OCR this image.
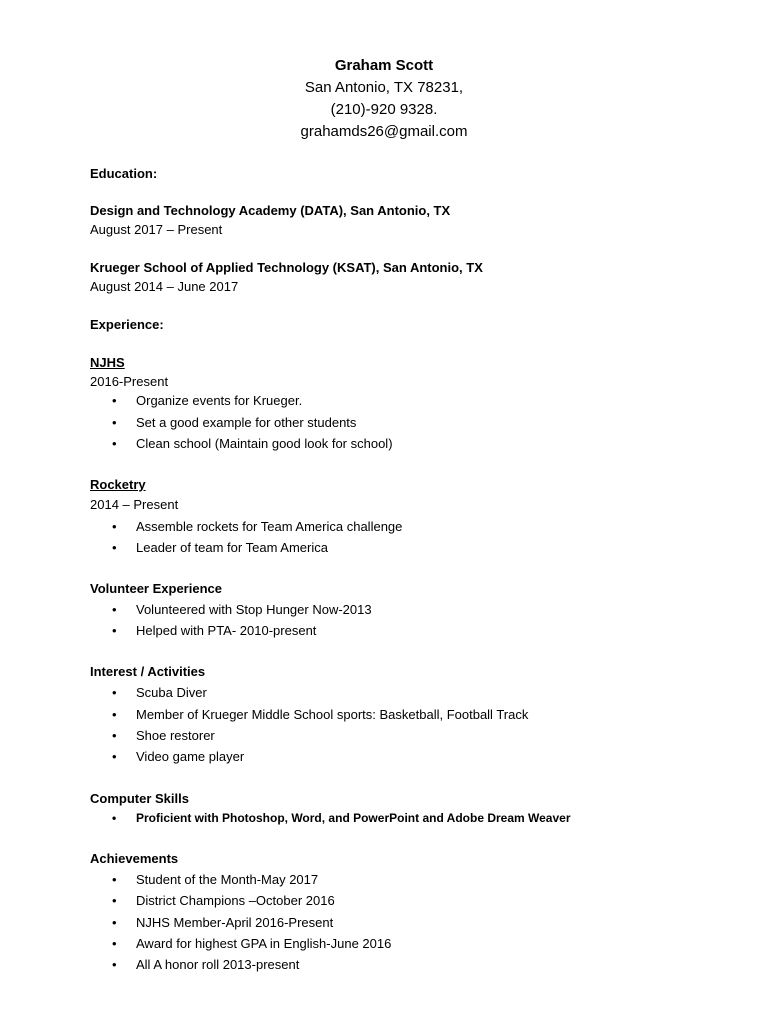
Graham Scott
San Antonio, TX 78231,
(210)-920 9328.
grahamds26@gmail.com
Education:
Design and Technology Academy (DATA), San Antonio, TX
August 2017 – Present
Krueger School of Applied Technology (KSAT), San Antonio, TX
August 2014 – June 2017
Experience:
NJHS
2016-Present
• Organize events for Krueger.
• Set a good example for other students
• Clean school (Maintain good look for school)
Rocketry
2014 – Present
• Assemble rockets for Team America challenge
• Leader of team for Team America
Volunteer Experience
• Volunteered with Stop Hunger Now-2013
• Helped with PTA- 2010-present
Interest / Activities
• Scuba Diver
• Member of Krueger Middle School sports: Basketball, Football Track
• Shoe restorer
• Video game player
Computer Skills
• Proficient with Photoshop, Word, and PowerPoint and Adobe Dream Weaver
Achievements
• Student of the Month-May 2017
• District Champions –October 2016
• NJHS Member-April 2016-Present
• Award for highest GPA in English-June 2016
• All A honor roll 2013-present
